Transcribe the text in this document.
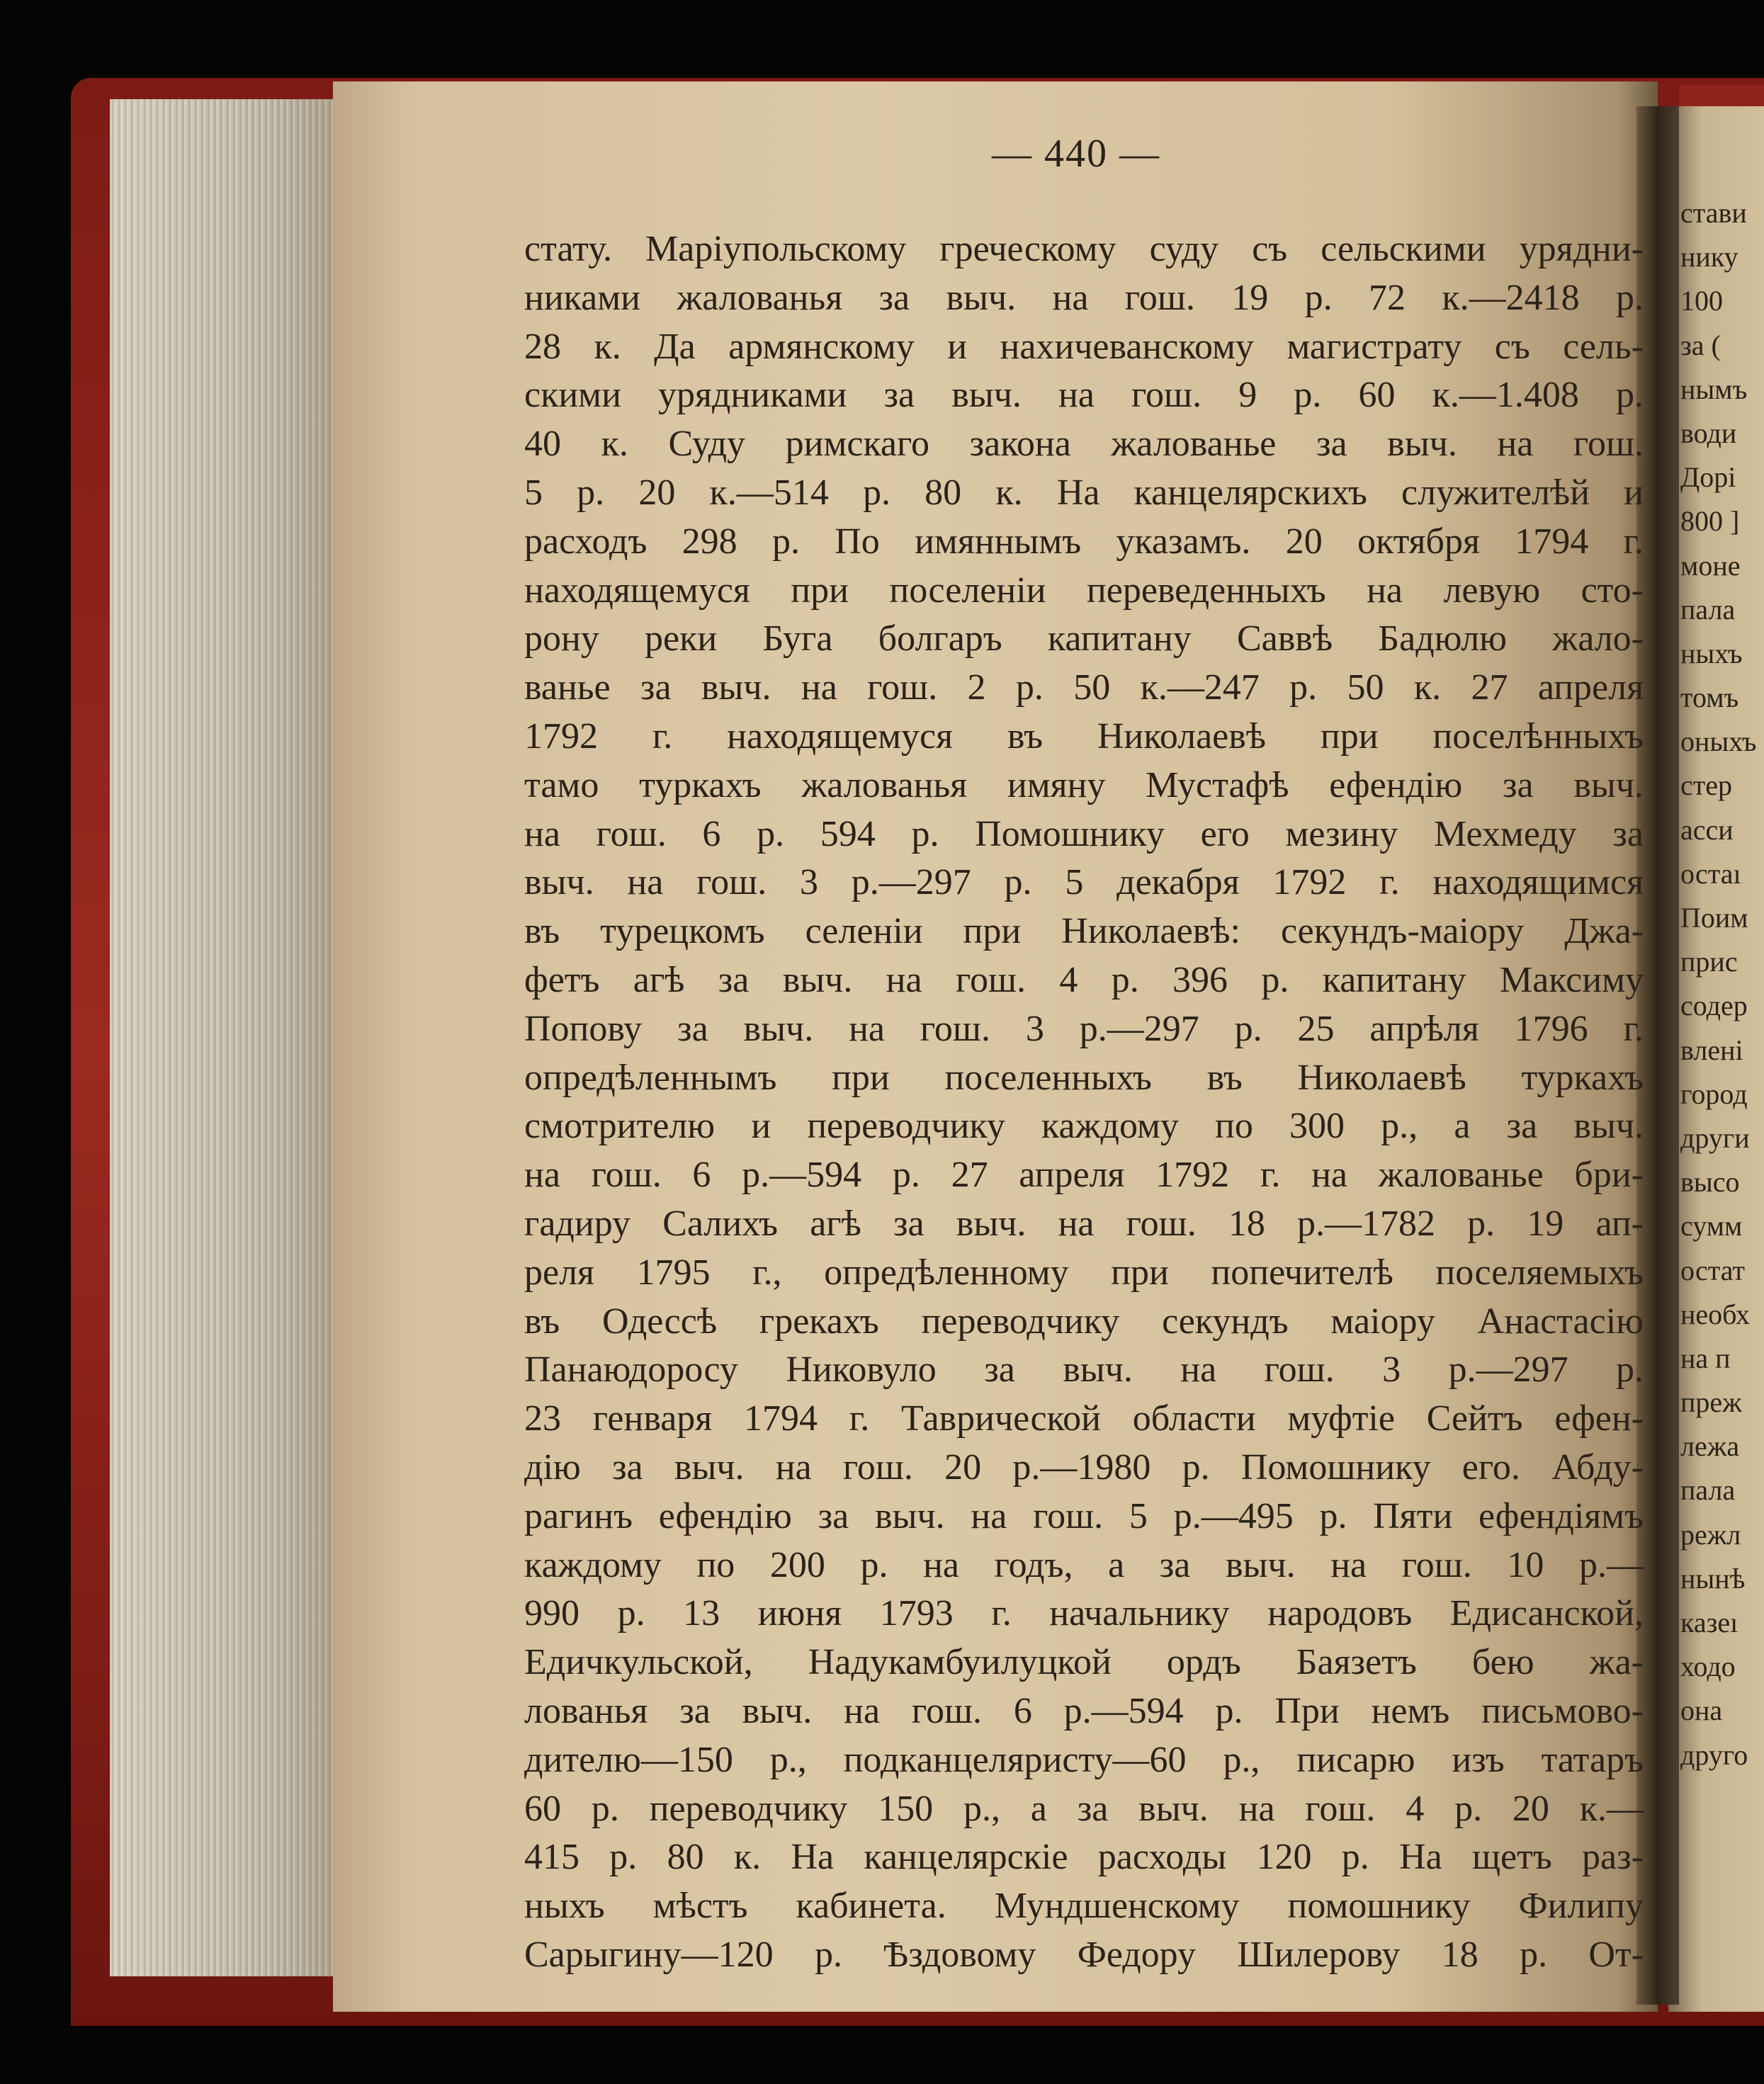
— 440 —
стату. Маріупольскому греческому суду съ сельскими урядни-
никами жалованья за выч. на гош. 19 р. 72 к.—2418 р.
28 к. Да армянскому и нахичеванскому магистрату съ сель-
скими урядниками за выч. на гош. 9 р. 60 к.—1.408 р.
40 к. Суду римскаго закона жалованье за выч. на гош.
5 р. 20 к.—514 р. 80 к. На канцелярскихъ служителѣй и
расходъ 298 р. По имяннымъ указамъ. 20 октября 1794 г.
находящемуся при поселеніи переведенныхъ на левую сто-
рону реки Буга болгаръ капитану Саввѣ Бадюлю жало-
ванье за выч. на гош. 2 р. 50 к.—247 р. 50 к. 27 апреля
1792 г. находящемуся въ Николаевѣ при поселѣнныхъ
тамо туркахъ жалованья имяну Мустафѣ ефендію за выч.
на гош. 6 р. 594 р. Помошнику его мезину Мехмеду за
выч. на гош. 3 р.—297 р. 5 декабря 1792 г. находящимся
въ турецкомъ селеніи при Николаевѣ: секундъ-маіору Джа-
фетъ агѣ за выч. на гош. 4 р. 396 р. капитану Максиму
Попову за выч. на гош. 3 р.—297 р. 25 апрѣля 1796 г.
опредѣленнымъ при поселенныхъ въ Николаевѣ туркахъ
смотрителю и переводчику каждому по 300 р., а за выч.
на гош. 6 р.—594 р. 27 апреля 1792 г. на жалованье бри-
гадиру Салихъ агѣ за выч. на гош. 18 р.—1782 р. 19 ап-
реля 1795 г., опредѣленному при попечителѣ поселяемыхъ
въ Одессѣ грекахъ переводчику секундъ маіору Анастасію
Панаюдоросу Никовуло за выч. на гош. 3 р.—297 р.
23 генваря 1794 г. Таврической области муфтіе Сейтъ ефен-
дію за выч. на гош. 20 р.—1980 р. Помошнику его. Абду-
рагинъ ефендію за выч. на гош. 5 р.—495 р. Пяти ефендіямъ
каждому по 200 р. на годъ, а за выч. на гош. 10 р.—
990 р. 13 июня 1793 г. начальнику народовъ Едисанской,
Едичкульской, Надукамбуилуцкой ордъ Баязетъ бею жа-
лованья за выч. на гош. 6 р.—594 р. При немъ письмово-
дителю—150 р., подканцеляристу—60 р., писарю изъ татаръ
60 р. переводчику 150 р., а за выч. на гош. 4 р. 20 к.—
415 р. 80 к. На канцелярскіе расходы 120 р. На щетъ раз-
ныхъ мѣстъ кабинета. Мундшенскому помошнику Филипу
Сарыгину—120 р. Ѣздовому Федору Шилерову 18 р. От-
стави
нику
100
за (
нымъ
води
Дорі
800 ]
моне
пала
ныхъ
томъ
оныхъ
стер
асси
остаı
Поим
прис
содер
влені
город
други
высо
сумм
остат
необх
на п
преж
лежа
пала
режл
нынѣ
казеı
ходо
она
друго
